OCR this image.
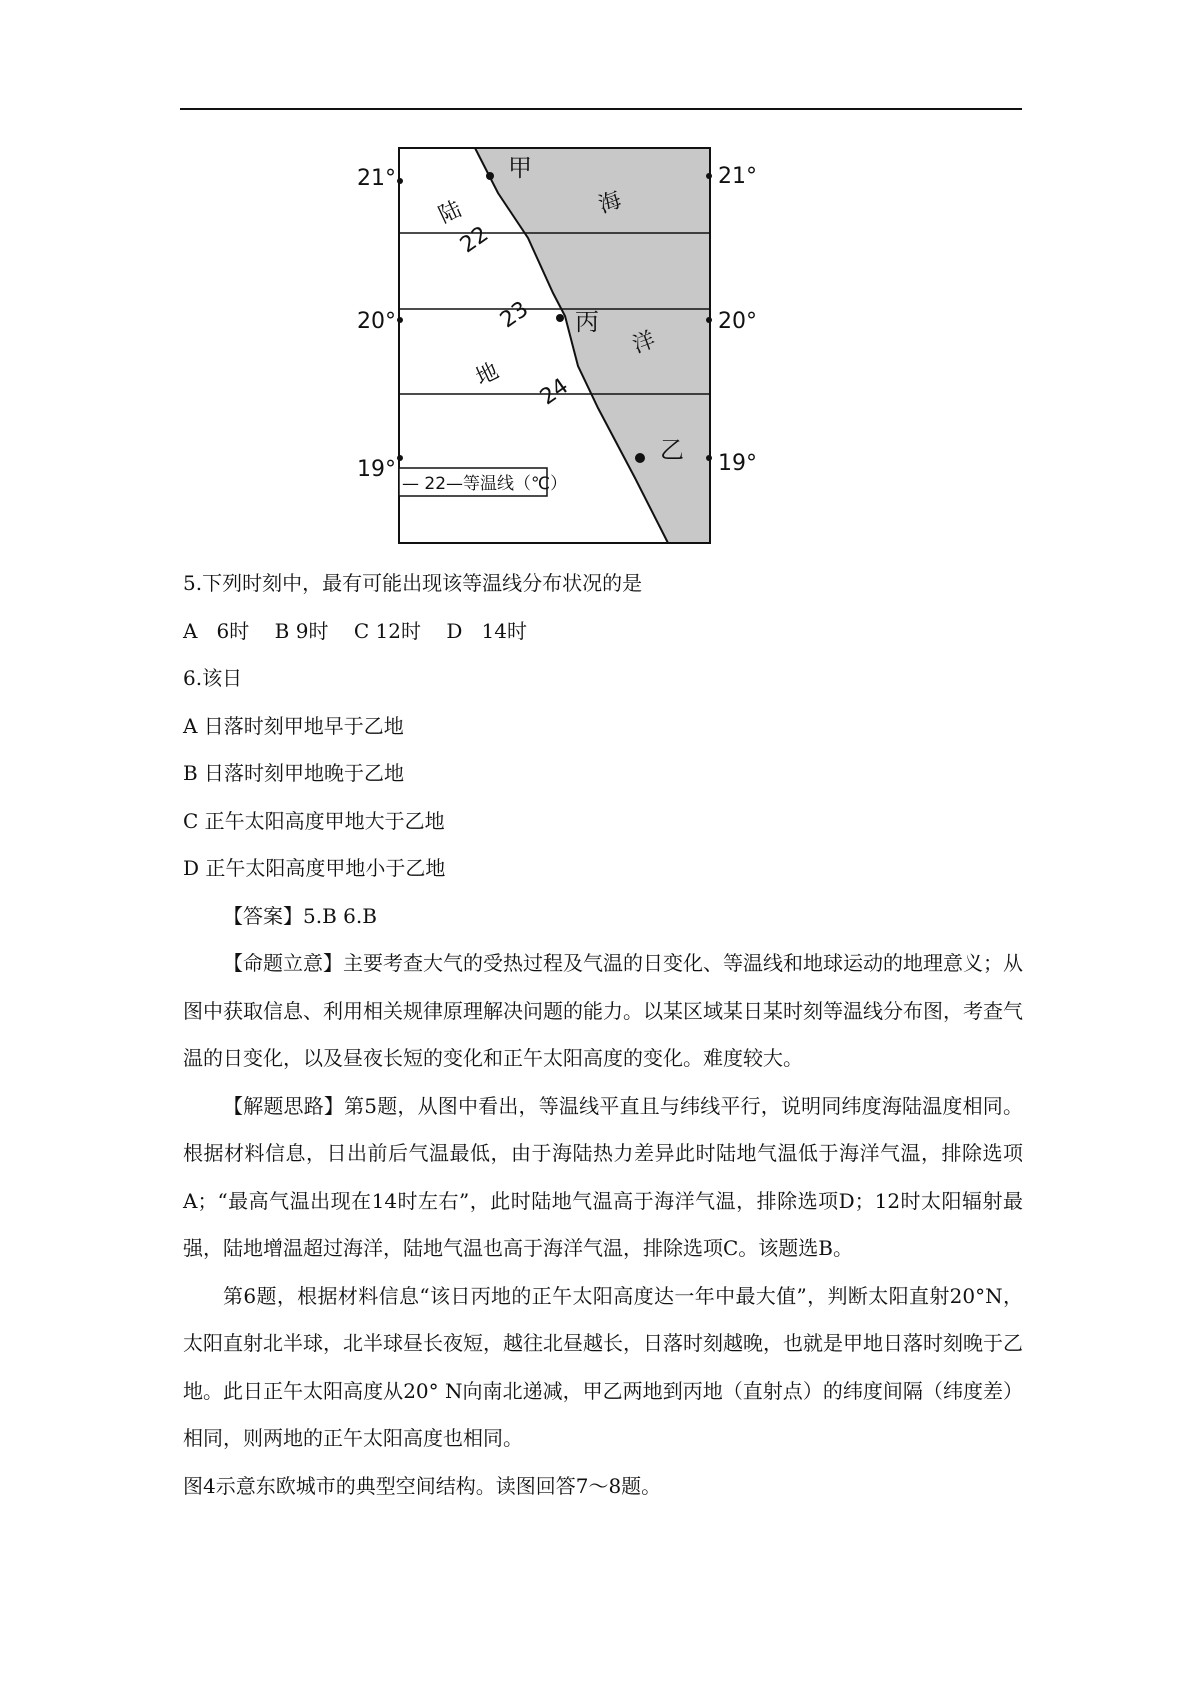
21°
20°
19°
21°
20°
19°
甲
丙
乙
陆
地
海
洋
22
23
24
— 22—等温线（℃）
5.下列时刻中，最有可能出现该等温线分布状况的是
A   6时    B 9时    C 12时    D   14时
6.该日
A 日落时刻甲地早于乙地
B 日落时刻甲地晚于乙地
C 正午太阳高度甲地大于乙地
D 正午太阳高度甲地小于乙地
【答案】5.B 6.B
【命题立意】主要考查大气的受热过程及气温的日变化、等温线和地球运动的地理意义；从图中获取信息、利用相关规律原理解决问题的能力。以某区域某日某时刻等温线分布图，考查气温的日变化，以及昼夜长短的变化和正午太阳高度的变化。难度较大。
【解题思路】第5题，从图中看出，等温线平直且与纬线平行，说明同纬度海陆温度相同。根据材料信息，日出前后气温最低，由于海陆热力差异此时陆地气温低于海洋气温，排除选项A；“最高气温出现在14时左右”，此时陆地气温高于海洋气温，排除选项D；12时太阳辐射最强，陆地增温超过海洋，陆地气温也高于海洋气温，排除选项C。该题选B。
第6题，根据材料信息“该日丙地的正午太阳高度达一年中最大值”，判断太阳直射20°N，太阳直射北半球，北半球昼长夜短，越往北昼越长，日落时刻越晚，也就是甲地日落时刻晚于乙地。此日正午太阳高度从20° N向南北递减，甲乙两地到丙地（直射点）的纬度间隔（纬度差）相同，则两地的正午太阳高度也相同。
图4示意东欧城市的典型空间结构。读图回答7～8题。
